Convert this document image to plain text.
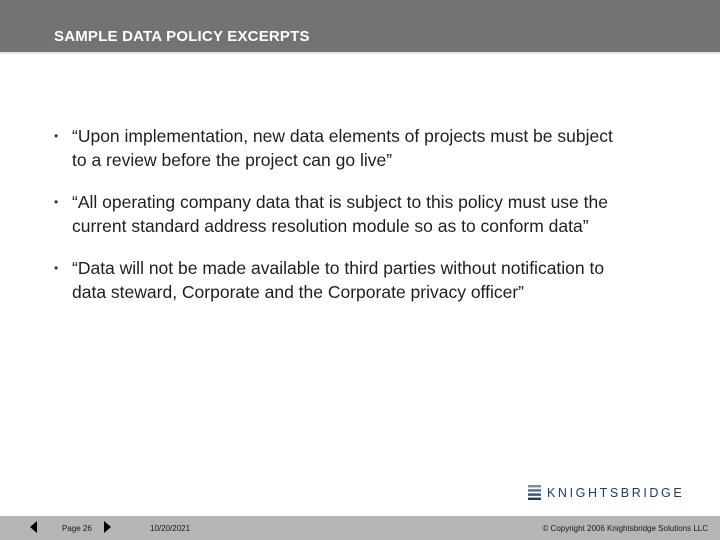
SAMPLE DATA POLICY EXCERPTS
• “Upon implementation, new data elements of projects must be subject to a review before the project can go live”
• “All operating company data that is subject to this policy must use the current standard address resolution module so as to conform data”
• “Data will not be made available to third parties without notification to data steward, Corporate and the Corporate privacy officer”
KNIGHTSBRIDGE
Page 26	10/20/2021	© Copyright 2006 Knightsbridge Solutions LLC
